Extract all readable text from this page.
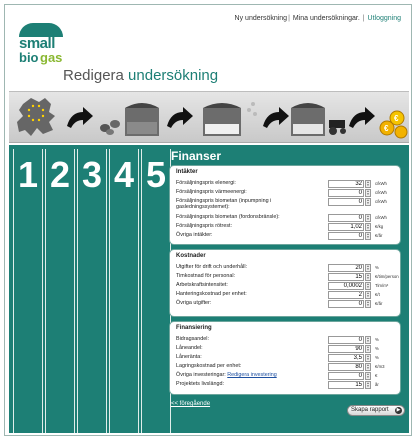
Ny undersökning| Mina undersökningar. | Utloggning
small
bio gas
Redigera undersökning
€
€
1 2 3 4 5 Finanser
Intäkter
Försäljningspris elenergi:
32	▲
▼ c/kWh
Försäljningspris värmeenergi:
0	▲
▼ c/kWh
Försäljningspris biometan (inpumpning i gasledningssystemet):
0
▲
▼ c/kWh
Försäljningspris biometan (fordonsbränsle):
0	▲
▼ c/kWh
Försäljningspris rötrest:
1,02	▲
▼ €/kg
Övriga intäkter:
0	▲
▼ €/år
Kostnader
Utgifter för drift och underhåll:
20	▲
▼ %
Timkostnad för personal:
15	▲
▼ €/tim/person
Arbetskraftsintensitet:
0,0002	▲
▼ Tim/m³
Hanteringskostnad per enhet:
2	▲
▼ €/t
Övriga utgifter:
0	▲
▼ €/år
Finansiering
Bidragsandel:
0	▲
▼ %
Låneandel:
90	▲
▼ %
Låneränta:
3,5	▲
▼ %
Lagringskostnad per enhet:
80	▲
▼ €/m3
Övriga investeringar: Redigera investering
0	▲
▼ €
Projektets livslängd:
15	▲
▼ år
<< föregående
Skapa rapport	▶
